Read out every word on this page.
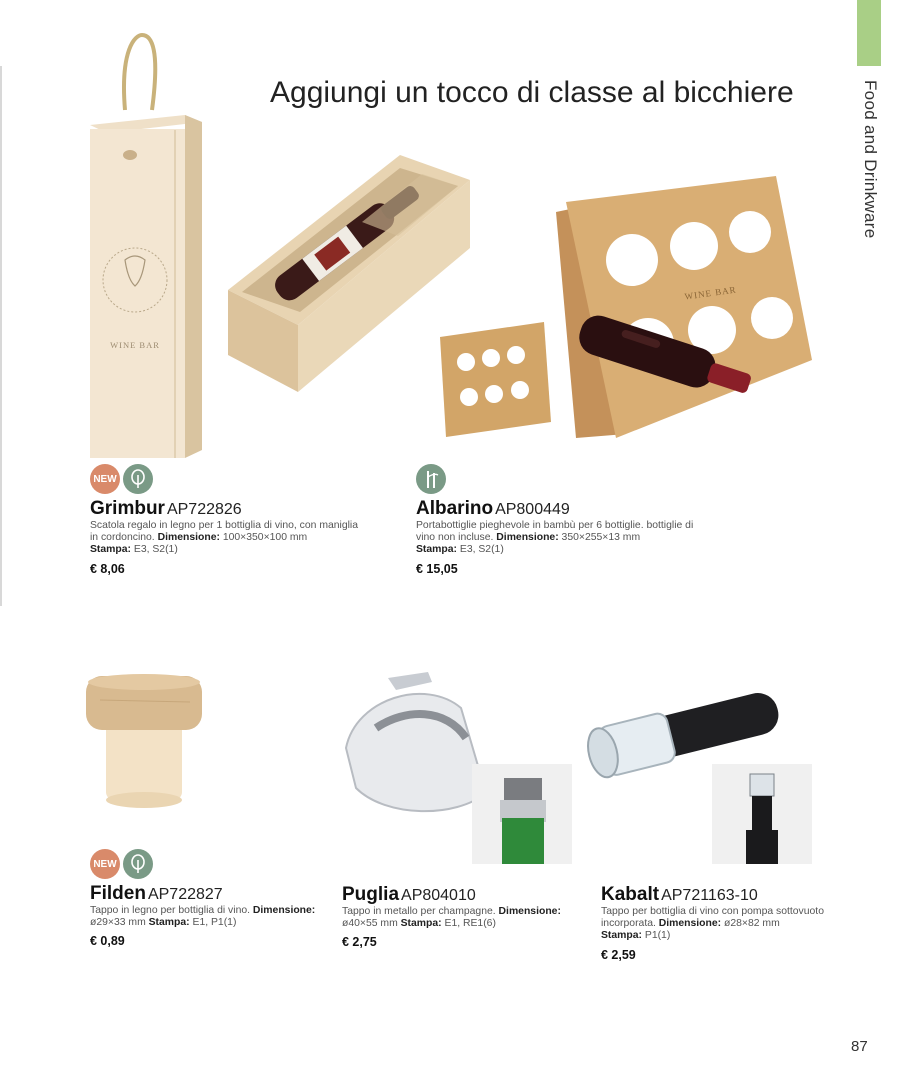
Food and Drinkware
Aggiungi un tocco di classe al bicchiere
87
WINE BAR
WINE BAR
NEW
Grimbur AP722826
Scatola regalo in legno per 1 bottiglia di vino, con maniglia in cordoncino. Dimensione: 100×350×100 mm
Stampa: E3, S2(1)
€ 8,06
Albarino AP800449
Portabottiglie pieghevole in bambù per 6 bottiglie. bottiglie di vino non incluse. Dimensione: 350×255×13 mm
Stampa: E3, S2(1)
€ 15,05
NEW
Filden AP722827
Tappo in legno per bottiglia di vino. Dimensione: ø29×33 mm Stampa: E1, P1(1)
€ 0,89
Puglia AP804010
Tappo in metallo per champagne. Dimensione: ø40×55 mm Stampa: E1, RE1(6)
€ 2,75
Kabalt AP721163-10
Tappo per bottiglia di vino con pompa sottovuoto incorporata. Dimensione: ø28×82 mm
Stampa: P1(1)
€ 2,59
